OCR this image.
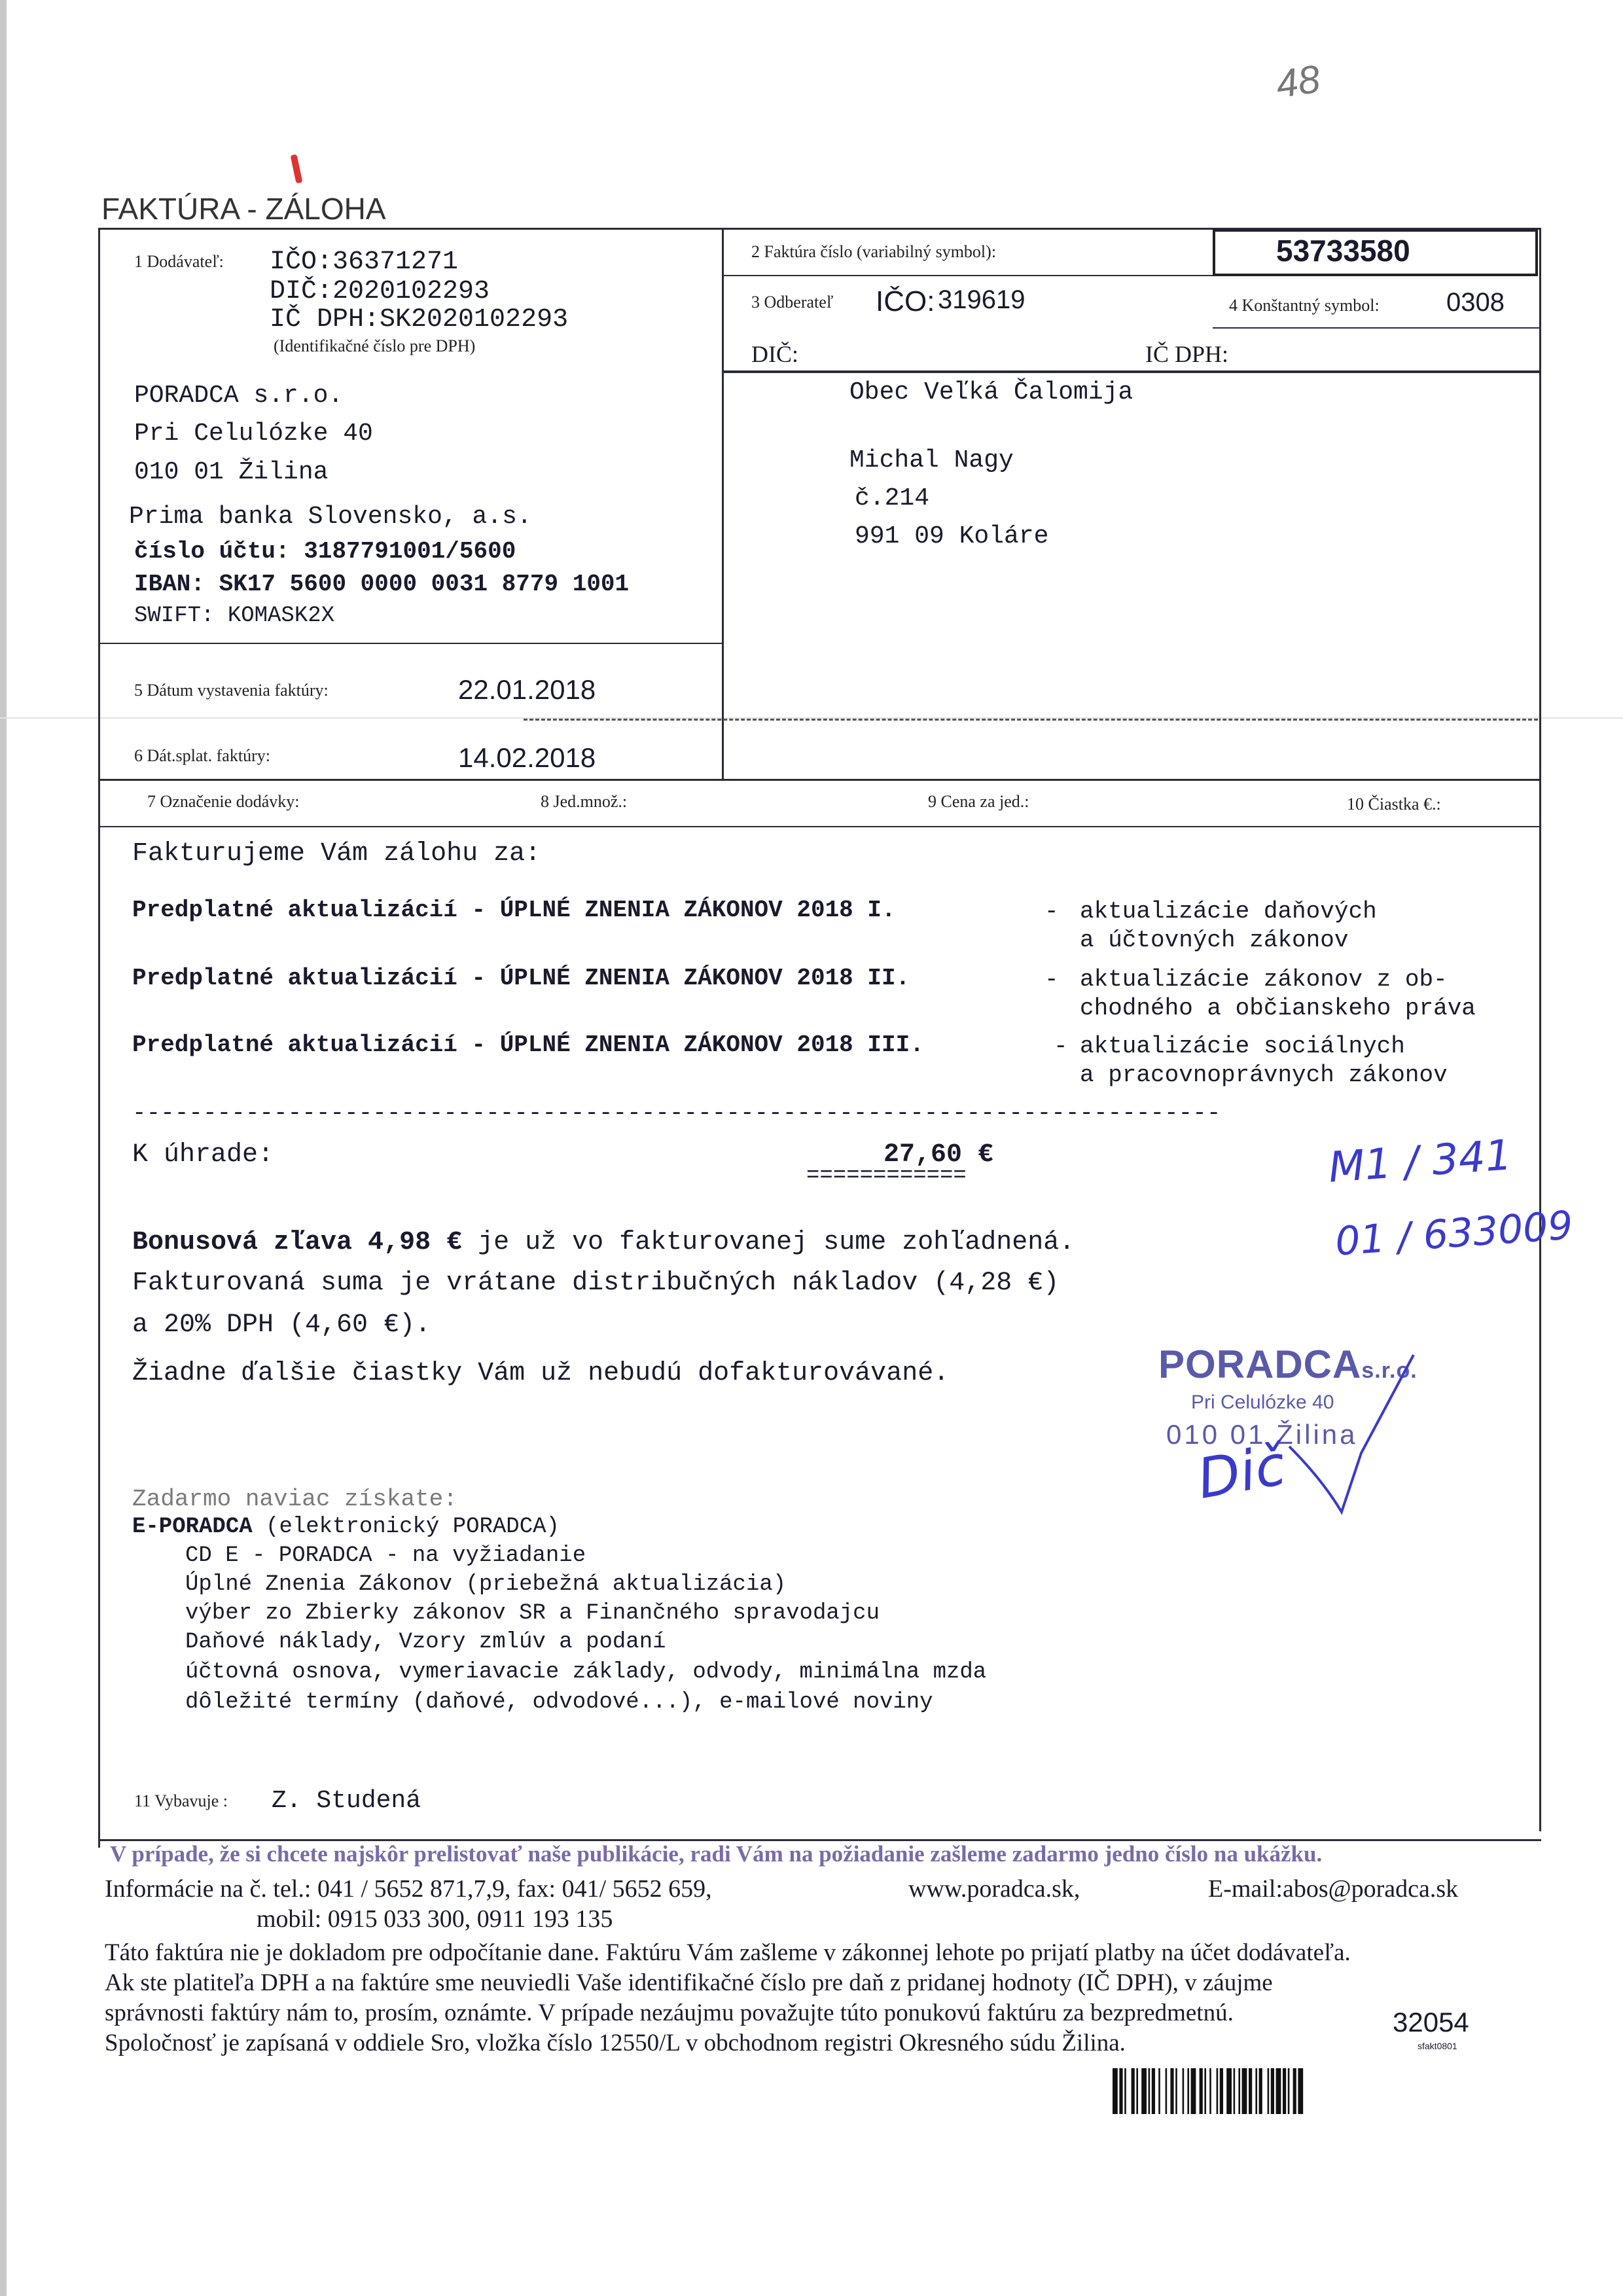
48
FAKTÚRA - ZÁLOHA
53733580
1 Dodávateľ: IČO:36371271
DIČ:2020102293
IČ DPH:SK2020102293
(Identifikačné číslo pre DPH)
PORADCA s.r.o.
Pri Celulózke 40
010 01 Žilina
Prima banka Slovensko, a.s.
číslo účtu: 3187791001/5600
IBAN: SK17 5600 0000 0031 8779 1001
SWIFT: KOMASK2X
2 Faktúra číslo (variabilný symbol):
3 Odberateľ IČO: 319619	4 Konštantný symbol:	0308
DIČ:	IČ DPH:
Obec Veľká Čalomija
Michal Nagy
č.214
991 09 Koláre
5 Dátum vystavenia faktúry:	22.01.2018
6 Dát.splat. faktúry:	14.02.2018
7 Označenie dodávky:	8 Jed.množ.:	9 Cena za jed.:	10 Čiastka €.:
Fakturujeme Vám zálohu za:
Predplatné aktualizácií - ÚPLNÉ ZNENIA ZÁKONOV 2018 I.	- aktualizácie daňových
a účtovných zákonov
Predplatné aktualizácií - ÚPLNÉ ZNENIA ZÁKONOV 2018 II.	- aktualizácie zákonov z ob-
chodného a občianskeho práva
Predplatné aktualizácií - ÚPLNÉ ZNENIA ZÁKONOV 2018 III.	- aktualizácie sociálnych
a pracovnoprávnych zákonov
-----------------------------------------------------------------------------
K úhrade:	27,60 €
============	M1 / 341
01 / 633009
Bonusová zľava 4,98 € je už vo fakturovanej sume zohľadnená.
Fakturovaná suma je vrátane distribučných nákladov (4,28 €)
a 20% DPH (4,60 €).
Žiadne ďalšie čiastky Vám už nebudú dofakturovávané.	PORADCAs.r.o.
Pri Celulózke 40
010 01 Žilina
Dič
Zadarmo naviac získate:
E-PORADCA (elektronický PORADCA)
CD E - PORADCA - na vyžiadanie
Úplné Znenia Zákonov (priebežná aktualizácia)
výber zo Zbierky zákonov SR a Finančného spravodajcu
Daňové náklady, Vzory zmlúv a podaní
účtovná osnova, vymeriavacie základy, odvody, minimálna mzda
dôležité termíny (daňové, odvodové...), e-mailové noviny
11 Vybavuje : Z. Studená
V prípade, že si chcete najskôr prelistovať naše publikácie, radi Vám na požiadanie zašleme zadarmo jedno číslo na ukážku.
Informácie na č. tel.: 041 / 5652 871,7,9, fax: 041/ 5652 659,	www.poradca.sk,	E-mail:abos@poradca.sk
mobil: 0915 033 300, 0911 193 135
Táto faktúra nie je dokladom pre odpočítanie dane. Faktúru Vám zašleme v zákonnej lehote po prijatí platby na účet dodávateľa.
Ak ste platiteľa DPH a na faktúre sme neuviedli Vaše identifikačné číslo pre daň z pridanej hodnoty (IČ DPH), v záujme
správnosti faktúry nám to, prosím, oznámte. V prípade nezáujmu považujte túto ponukovú faktúru za bezpredmetnú.
Spoločnosť je zapísaná v oddiele Sro, vložka číslo 12550/L v obchodnom registri Okresného súdu Žilina.
32054
sfakt0801
